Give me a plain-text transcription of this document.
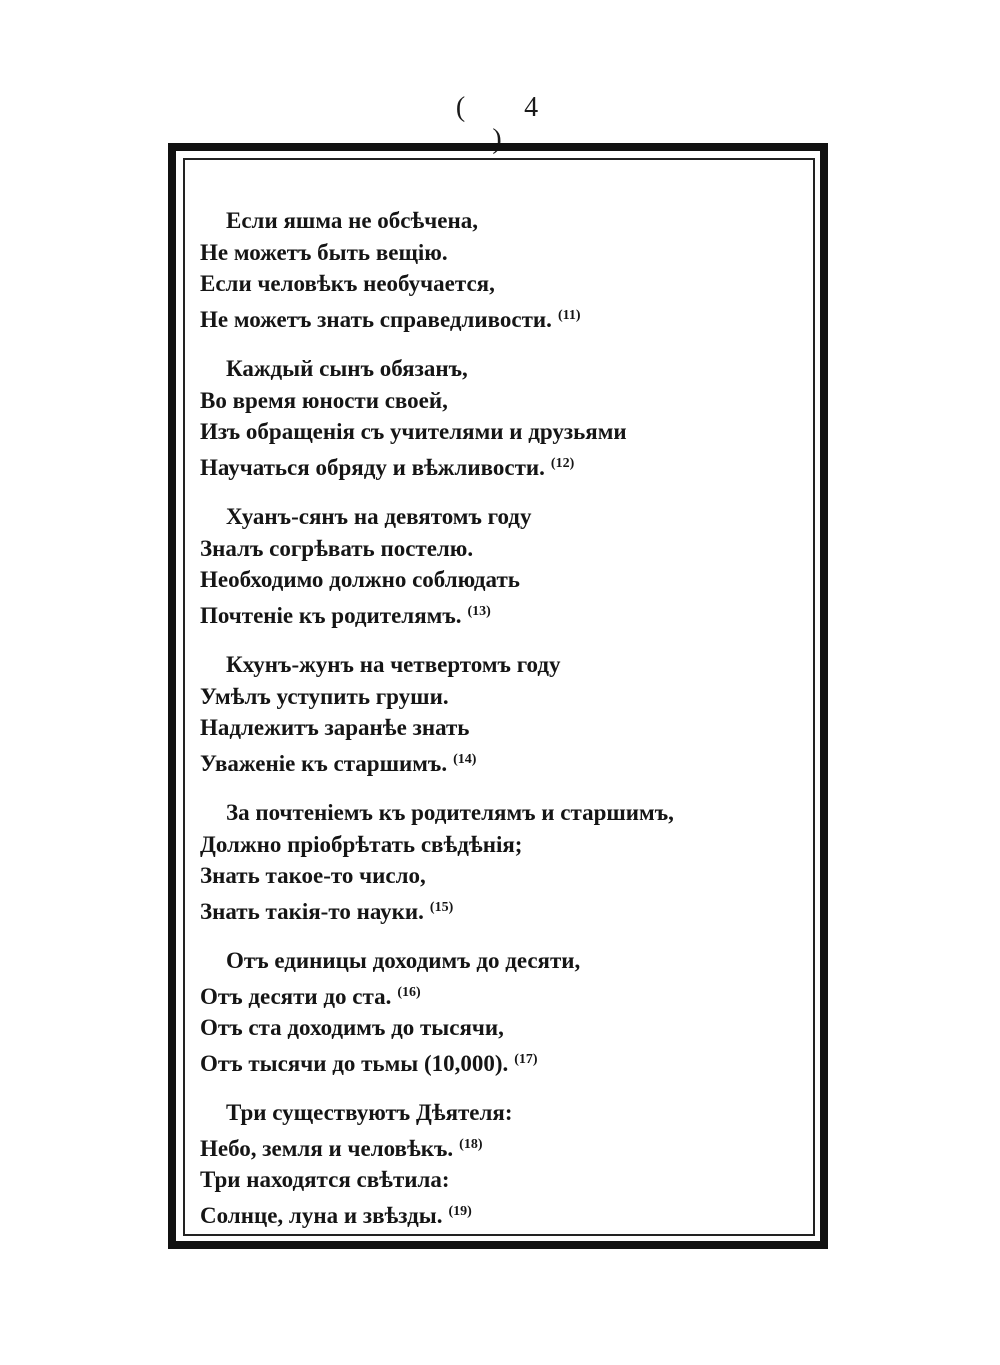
( 4 )
Если яшма не обсѣчена,
Не можетъ быть вещію.
Если человѣкъ необучается,
Не можетъ знать справедливости. $^{(11)}$
Каждый сынъ обязанъ,
Во время юности своей,
Изъ обращенія съ учителями и друзьями
Научаться обряду и вѣжливости. $^{(12)}$
Хуанъ-сянъ на девятомъ году
Зналъ согрѣвать постелю.
Необходимо должно соблюдать
Почтеніе къ родителямъ. $^{(13)}$
Кхунъ-жунъ на четвертомъ году
Умѣлъ уступить груши.
Надлежитъ заранѣе знать
Уваженіе къ старшимъ. $^{(14)}$
За почтеніемъ къ родителямъ и старшимъ,
Должно пріобрѣтать свѣдѣнія;
Знать такое-то число,
Знать такія-то науки. $^{(15)}$
Отъ единицы доходимъ до десяти,
Отъ десяти до ста. $^{(16)}$
Отъ ста доходимъ до тысячи,
Отъ тысячи до тьмы (10,000). $^{(17)}$
Три существуютъ Дѣятеля:
Небо, земля и человѣкъ. $^{(18)}$
Три находятся свѣтила:
Солнце, луна и звѣзды. $^{(19)}$
